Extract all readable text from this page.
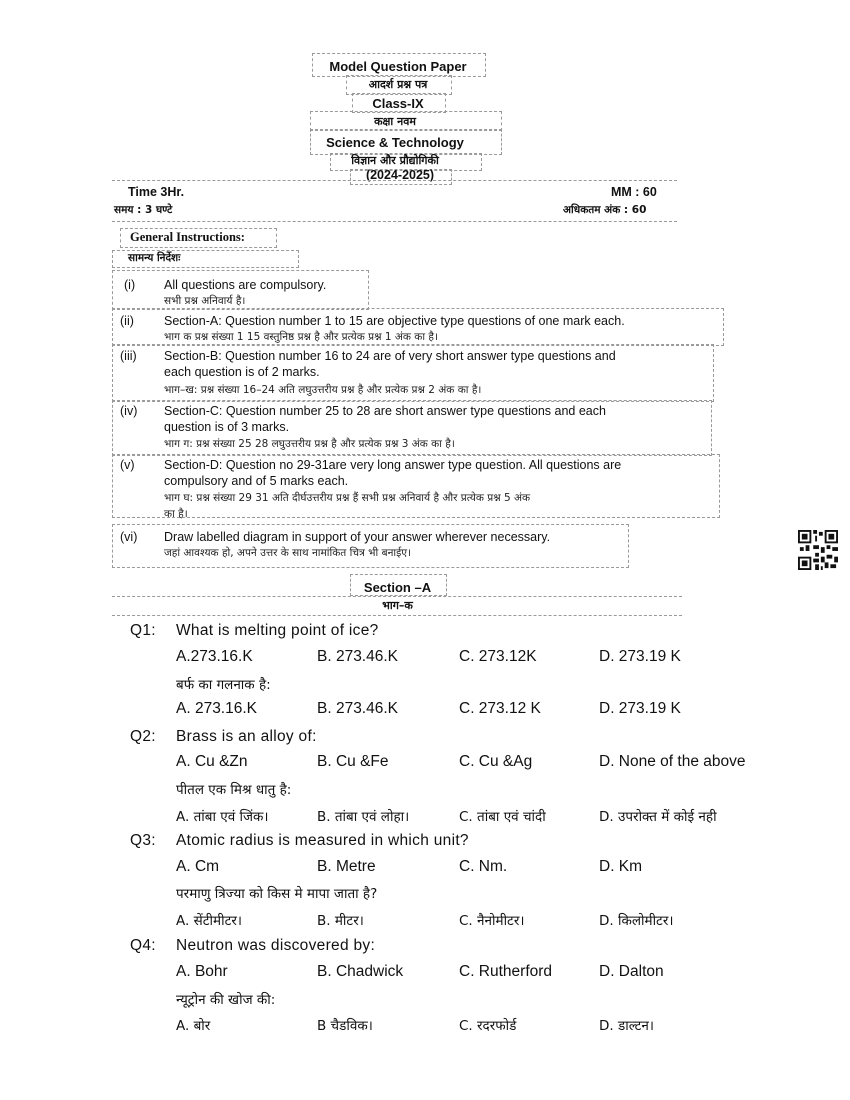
Model Question Paper
आदर्श प्रश्न पत्र
Class-IX
कक्षा नवम
Science & Technology
विज्ञान और प्रौद्योगिकी
(2024-2025)
Time 3Hr.
समय : 3 घण्टे
MM : 60
अधिकतम अंक : 60
General Instructions:
सामन्य निर्देशः
(i) All questions are compulsory.
सभी प्रश्न अनिवार्य है।
(ii) Section-A: Question number 1 to 15 are objective type questions of one mark each.
भाग क प्रश्न संख्या 1 15 वस्तुनिष्ठ प्रश्न है और प्रत्येक प्रश्न 1 अंक का है।
(iii) Section-B: Question number 16 to 24 are of very short answer type questions and
each question is of 2 marks.
भाग–ख: प्रश्न संख्या 16–24 अति लघुउत्तरीय प्रश्न है और प्रत्येक प्रश्न 2 अंक का है।
(iv) Section-C: Question number 25 to 28 are short answer type questions and each
question is of 3 marks.
भाग ग: प्रश्न संख्या 25 28 लघुउत्तरीय प्रश्न है और प्रत्येक प्रश्न 3 अंक का है।
(v) Section-D: Question no 29-31are very long answer type question. All questions are
compulsory and of 5 marks each.
भाग घ: प्रश्न संख्या 29 31 अति दीर्घउत्तरीय प्रश्न हैं सभी प्रश्न अनिवार्य है और प्रत्येक प्रश्न 5 अंक
का है।
(vi) Draw labelled diagram in support of your answer wherever necessary.
जहां आवश्यक हो, अपने उत्तर के साथ नामांकित चित्र भी बनाईए।
Section –A
भाग–क
Q1: What is melting point of ice?
A.273.16.K	B. 273.46.K	C. 273.12K	D. 273.19 K
बर्फ का गलनाक है:
A. 273.16.K	B. 273.46.K	C. 273.12 K	D. 273.19 K
Q2: Brass is an alloy of:
A. Cu &Zn	B. Cu &Fe	C. Cu &Ag	D. None of the above
पीतल एक मिश्र धातु है:
A. तांबा एवं जिंक।	B. तांबा एवं लोहा।	C. तांबा एवं चांदी	D. उपरोक्त में कोई नही
Q3: Atomic radius is measured in which unit?
A. Cm	B. Metre	C. Nm.	D. Km
परमाणु त्रिज्या को किस मे मापा जाता है?
A. सेंटीमीटर।	B. मीटर।	C. नैनोमीटर।	D. किलोमीटर।
Q4: Neutron was discovered by:
A. Bohr	B. Chadwick	C. Rutherford	D. Dalton
न्यूट्रोन की खोज की:
A. बोर	B चैडविक।	C. रदरफोर्ड	D. डाल्टन।
